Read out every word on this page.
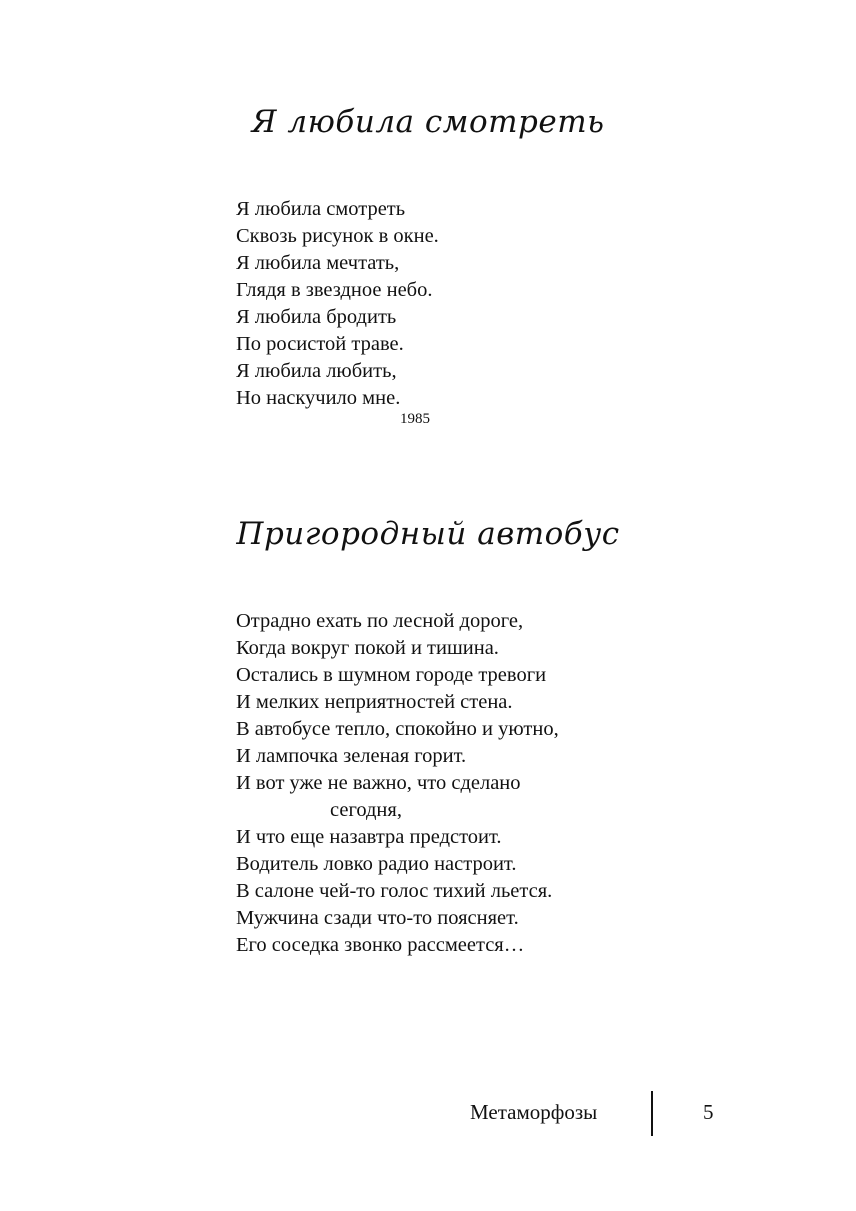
Я любила смотреть
Я любила смотреть
Сквозь рисунок в окне.
Я любила мечтать,
Глядя в звездное небо.
Я любила бродить
По росистой траве.
Я любила любить,
Но наскучило мне.
1985
Пригородный автобус
Отрадно ехать по лесной дороге,
Когда вокруг покой и тишина.
Остались в шумном городе тревоги
И мелких неприятностей стена.
В автобусе тепло, спокойно и уютно,
И лампочка зеленая горит.
И вот уже не важно, что сделано
сегодня,
И что еще назавтра предстоит.
Водитель ловко радио настроит.
В салоне чей-то голос тихий льется.
Мужчина сзади что-то поясняет.
Его соседка звонко рассмеется…
Метаморфозы	5
